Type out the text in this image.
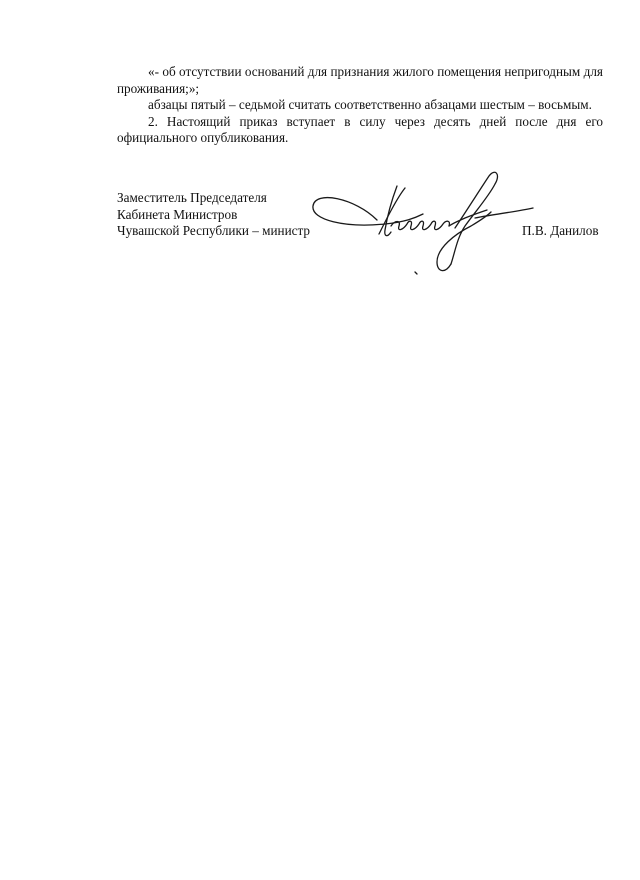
«- об отсутствии оснований для признания жилого помещения непригодным для проживания;»;

абзацы пятый – седьмой считать соответственно абзацами шестым – восьмым.

2. Настоящий приказ вступает в силу через десять дней после дня его официального опубликования.

Заместитель Председателя
Кабинета Министров
Чувашской Республики – министр	П.В. Данилов
